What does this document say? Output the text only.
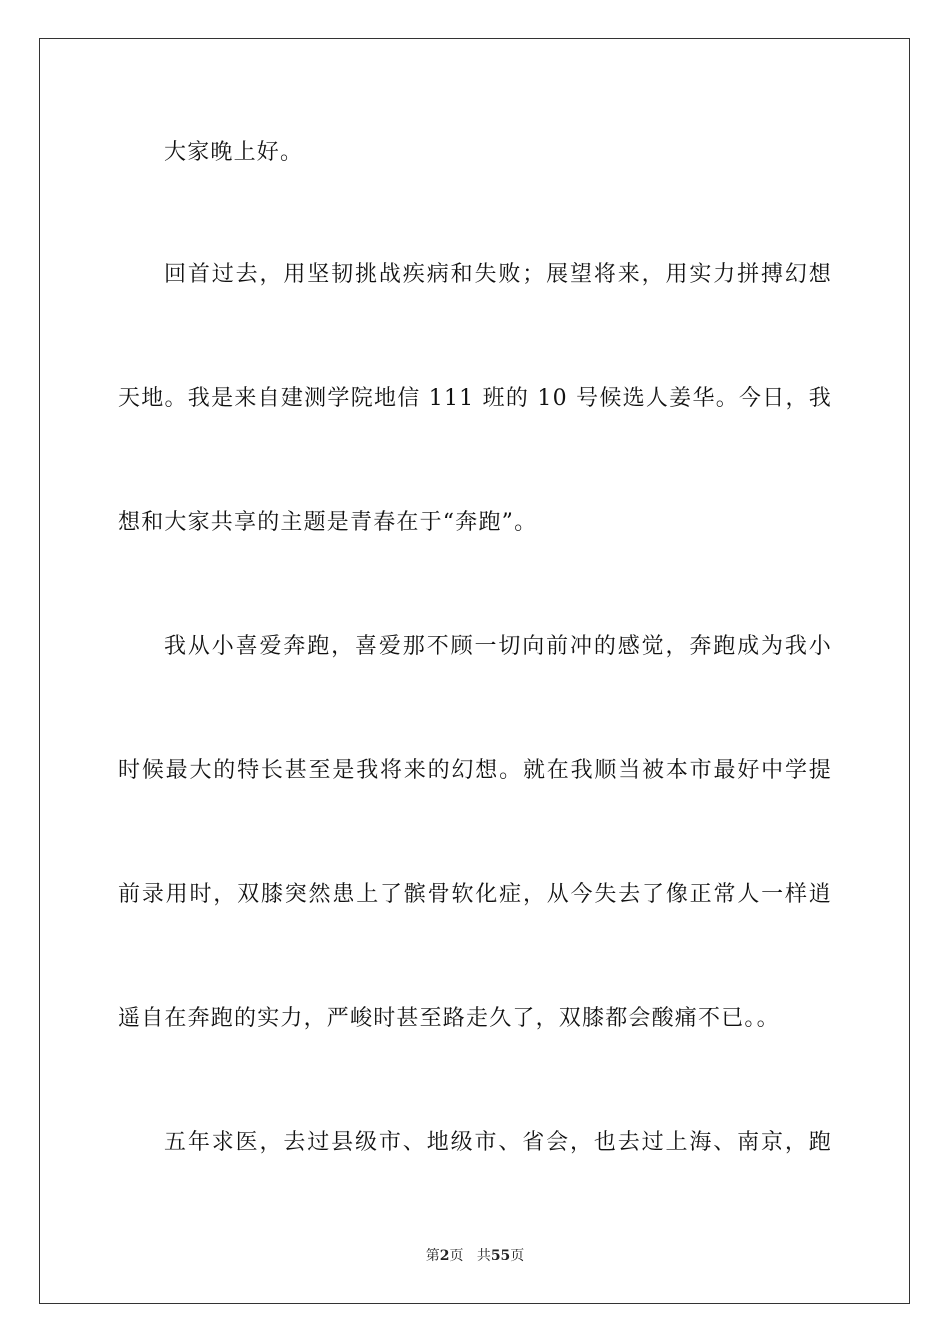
大家晚上好。
回首过去，用坚韧挑战疾病和失败；展望将来，用实力拼搏幻想
天地。我是来自建测学院地信 111 班的 10 号候选人姜华。今日，我
想和大家共享的主题是青春在于“奔跑”。
我从小喜爱奔跑，喜爱那不顾一切向前冲的感觉，奔跑成为我小
时候最大的特长甚至是我将来的幻想。就在我顺当被本市最好中学提
前录用时，双膝突然患上了髌骨软化症，从今失去了像正常人一样逍
遥自在奔跑的实力，严峻时甚至路走久了，双膝都会酸痛不已。。
五年求医，去过县级市、地级市、省会，也去过上海、南京，跑
第2页 共55页
